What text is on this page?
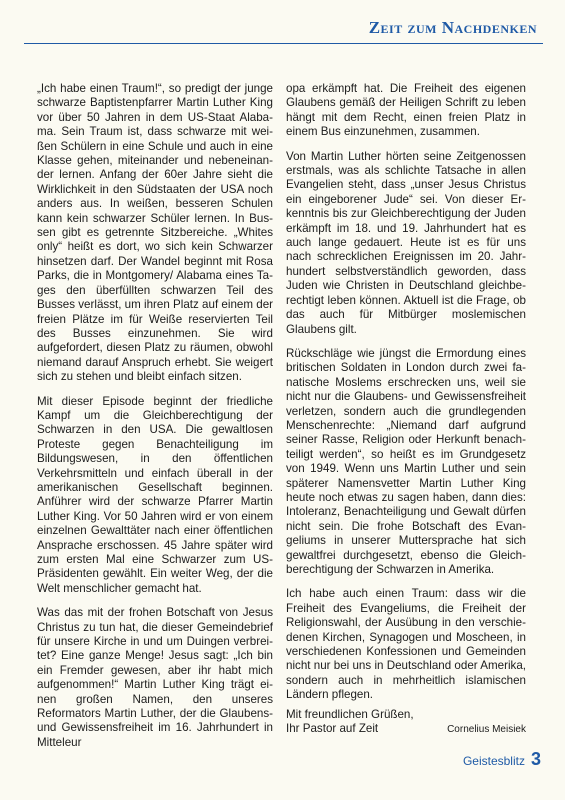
Zeit zum Nachdenken

„Ich habe einen Traum!“, so predigt der junge schwarze Baptistenpfarrer Martin Luther King vor über 50 Jahren in dem US-Staat Alabama. Sein Traum ist, dass schwarze mit weißen Schülern in eine Schule und auch in eine Klasse gehen, miteinander und nebeneinander lernen. Anfang der 60er Jahre sieht die Wirklichkeit in den Südstaaten der USA noch anders aus. In weißen, besseren Schulen kann kein schwarzer Schüler lernen. In Bussen gibt es getrennte Sitzbereiche. „Whites only“ heißt es dort, wo sich kein Schwarzer hinsetzen darf. Der Wandel beginnt mit Rosa Parks, die in Montgomery/ Alabama eines Tages den überfüllten schwarzen Teil des Busses verlässt, um ihren Platz auf einem der freien Plätze im für Weiße reservierten Teil des Busses einzunehmen. Sie wird aufgefordert, diesen Platz zu räumen, obwohl niemand darauf Anspruch erhebt. Sie weigert sich zu stehen und bleibt einfach sitzen.

Mit dieser Episode beginnt der friedliche Kampf um die Gleichberechtigung der Schwarzen in den USA. Die gewaltlosen Proteste gegen Benachteiligung im Bildungswesen, in den öffentlichen Verkehrsmitteln und einfach überall in der amerikanischen Gesellschaft beginnen. Anführer wird der schwarze Pfarrer Martin Luther King. Vor 50 Jahren wird er von einem einzelnen Gewalttäter nach einer öffentlichen Ansprache erschossen. 45 Jahre später wird zum ersten Mal eine Schwarzer zum US-Präsidenten gewählt. Ein weiter Weg, der die Welt menschlicher gemacht hat.

Was das mit der frohen Botschaft von Jesus Christus zu tun hat, die dieser Gemeindebrief für unsere Kirche in und um Duingen verbreitet? Eine ganze Menge! Jesus sagt: „Ich bin ein Fremder gewesen, aber ihr habt mich aufgenommen!“ Martin Luther King trägt einen großen Namen, den unseres Reformators Martin Luther, der die Glaubens- und Gewissensfreiheit im 16. Jahrhundert in Mitteleur

opa erkämpft hat. Die Freiheit des eigenen Glaubens gemäß der Heiligen Schrift zu leben hängt mit dem Recht, einen freien Platz in einem Bus einzunehmen, zusammen.

Von Martin Luther hörten seine Zeitgenossen erstmals, was als schlichte Tatsache in allen Evangelien steht, dass „unser Jesus Christus ein eingeborener Jude“ sei. Von dieser Erkenntnis bis zur Gleichberechtigung der Juden erkämpft im 18. und 19. Jahrhundert hat es auch lange gedauert. Heute ist es für uns nach schrecklichen Ereignissen im 20. Jahrhundert selbstverständlich geworden, dass Juden wie Christen in Deutschland gleichberechtigt leben können. Aktuell ist die Frage, ob das auch für Mitbürger moslemischen Glaubens gilt.

Rückschläge wie jüngst die Ermordung eines britischen Soldaten in London durch zwei fanatische Moslems erschrecken uns, weil sie nicht nur die Glaubens- und Gewissensfreiheit verletzen, sondern auch die grundlegenden Menschenrechte: „Niemand darf aufgrund seiner Rasse, Religion oder Herkunft benachteiligt werden“, so heißt es im Grundgesetz von 1949. Wenn uns Martin Luther und sein späterer Namensvetter Martin Luther King heute noch etwas zu sagen haben, dann dies: Intoleranz, Benachteiligung und Gewalt dürfen nicht sein. Die frohe Botschaft des Evangeliums in unserer Muttersprache hat sich gewaltfrei durchgesetzt, ebenso die Gleichberechtigung der Schwarzen in Amerika.

Ich habe auch einen Traum: dass wir die Freiheit des Evangeliums, die Freiheit der Religionswahl, der Ausübung in den verschiedenen Kirchen, Synagogen und Moscheen, in verschiedenen Konfessionen und Gemeinden nicht nur bei uns in Deutschland oder Amerika, sondern auch in mehrheitlich islamischen Ländern pflegen.

Mit freundlichen Grüßen,
Ihr Pastor auf Zeit	Cornelius Meisiek
Geistesblitz 3
